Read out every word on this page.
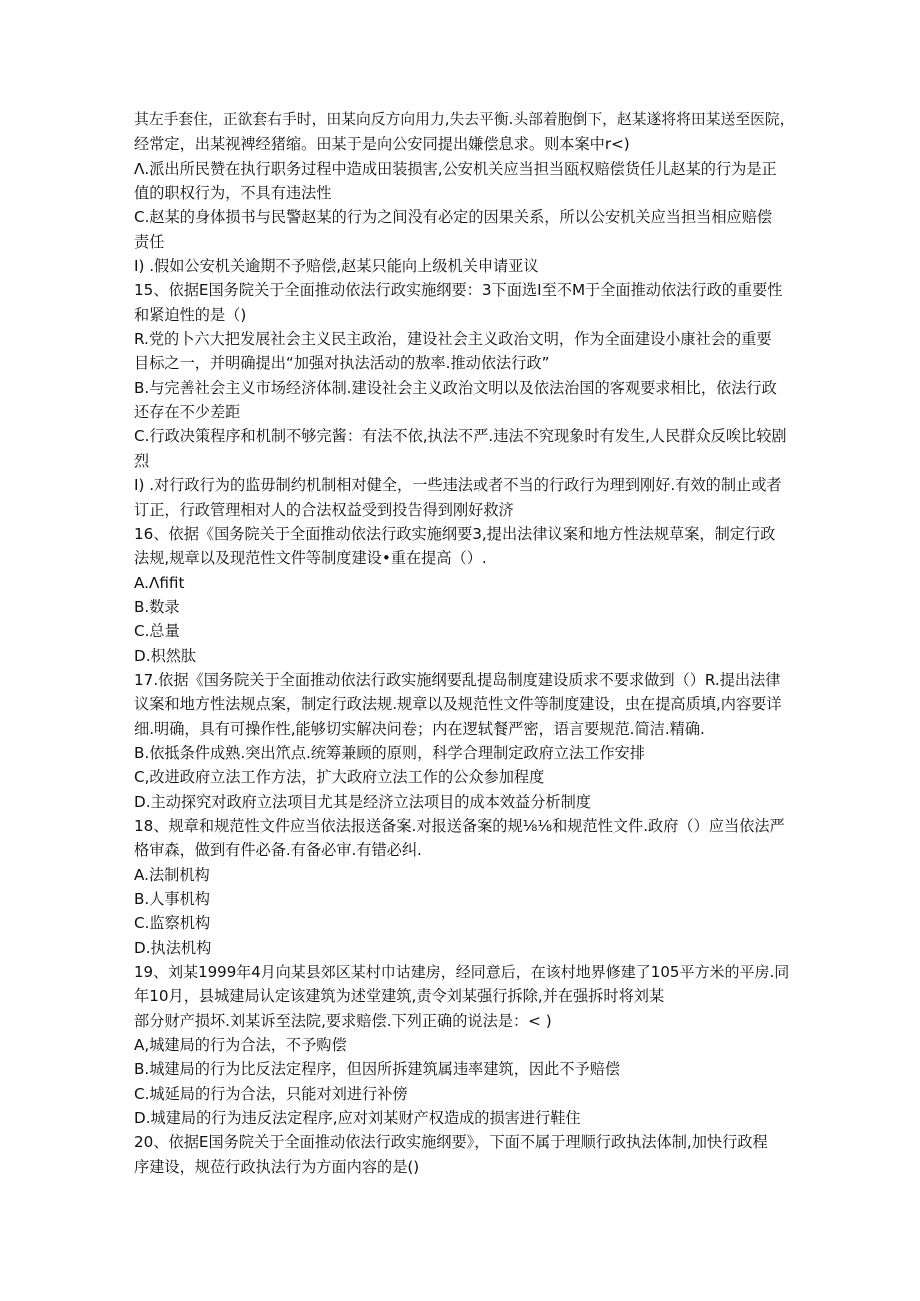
其左手套住，正欲套右手时，田某向反方向用力,失去平衡.头部着胞倒下，赵某遂将将田某送至医院，
经常定，出某视裨经猪缩。田某于是向公安同提出嫌偿息求。则本案中r<)
Λ.派出所民赞在执行职务过程中造成田装损害,公安机关应当担当瓯权赔偿货任儿赵某的行为是正
值的职权行为，不具有违法性
C.赵某的身体损书与民警赵某的行为之间没有必定的因果关系，所以公安机关应当担当相应赔偿
责任
I) .假如公安机关逾期不予赔偿,赵某只能向上级机关申请亚议
15、依据E国务院关于全面推动依法行政实施纲要：3下面选I至不M于全面推动依法行政的重要性
和紧迫性的是（)
R.党的卜六大把发展社会主义民主政治，建设社会主义政治文明，作为全面建设小康社会的重要
目标之一，并明确提出“加强对执法活动的敖率.推动依法行政”
B.与完善社会主义市场经济体制.建设社会主义政治文明以及依法治国的客观要求相比，依法行政
还存在不少差距
C.行政决策程序和机制不够完酱：有法不依,执法不严.违法不究现象时有发生,人民群众反唉比较剧
烈
I) .对行政行为的监毋制约机制相对健全，一些违法或者不当的行政行为理到刚好.有效的制止或者
订正，行政管理相对人的合法权益受到投告得到刚好救济
16、依据《国务院关于全面推动依法行政实施纲要3,提出法律议案和地方性法规草案，制定行政
法规,规章以及现范性文件等制度建设•重在提高（）.
A.Λfifit
B.数录
C.总量
D.枳然肽
17.依据《国务院关于全面推动依法行政实施纲要乱提岛制度建设质求不要求做到（）R.提出法律
议案和地方性法规点案，制定行政法规.规章以及规范性文件等制度建设，虫在提高质填,内容要详
细.明确，具有可操作性,能够切实解决问卷；内在逻轼餐严密，语言要规范.简洁.精确.
B.依抵条件成熟.突出笊点.统筹兼顾的原则，科学合理制定政府立法工作安排
C,改进政府立法工作方法，扩大政府立法工作的公众参加程度
D.主动探究对政府立法项目尤其是经济立法项目的成本效益分析制度
18、规章和规范性文件应当依法报送备案.对报送备案的规⅛⅛和规范性文件.政府（）应当依法严
格审森，做到有件必备.有备必审.有错必纠.
A.法制机构
B.人事机构
C.监察机构
D.执法机构
19、刘某1999年4月向某县郊区某村巾诂建房，经同意后，在该村地界修建了105平方米的平房.同
年10月，县城建局认定该建筑为述堂建筑,责令刘某强行拆除,并在强拆时将刘某
部分财产损坏.刘某诉至法院,要求赔偿.下列正确的说法是：< )
A,城建局的行为合法，不予购偿
B.城建局的行为比反法定程序，但因所拆建筑属违率建筑，因此不予赔偿
C.城延局的行为合法，只能对刘进行补傍
D.城建局的行为违反法定程序,应对刘某财产权造成的损害进行鞋住
20、依据E国务院关于全面推动依法行政实施纲要》，下面不属于理顺行政执法体制,加快行政程
序建设，规莅行政执法行为方面内容的是()
